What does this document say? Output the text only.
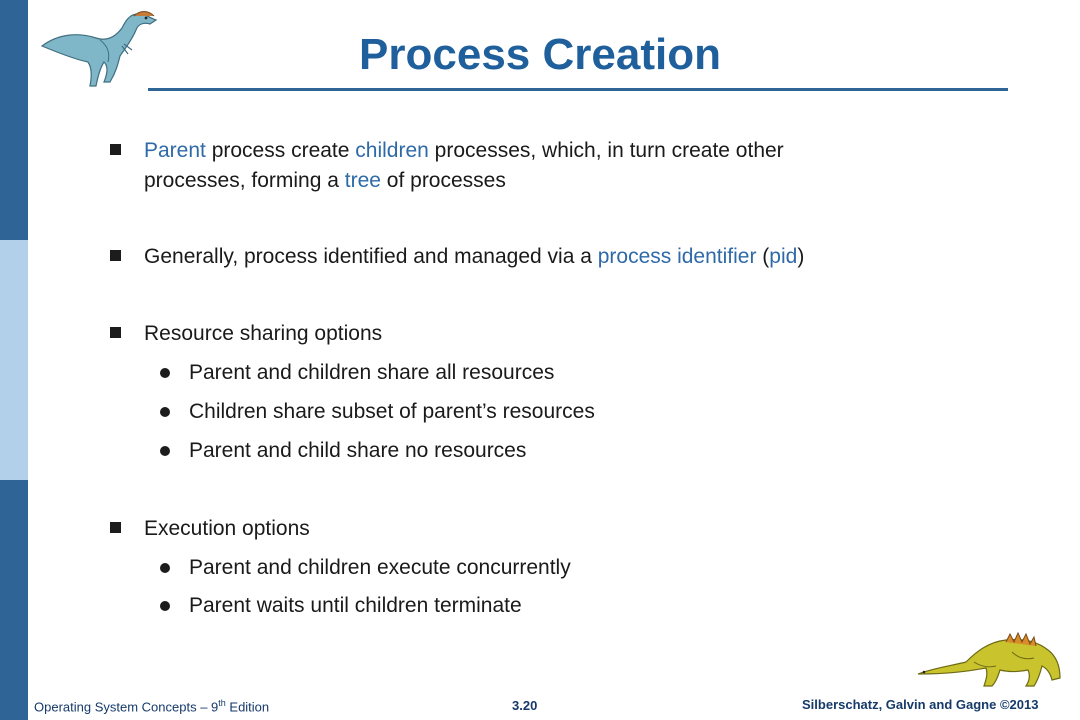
Process Creation
Parent process create children processes, which, in turn create other
processes, forming a tree of processes
Generally, process identified and managed via a process identifier (pid)
Resource sharing options
Parent and children share all resources
Children share subset of parent’s resources
Parent and child share no resources
Execution options
Parent and children execute concurrently
Parent waits until children terminate
Operating System Concepts – 9th Edition	3.20	Silberschatz, Galvin and Gagne ©2013
